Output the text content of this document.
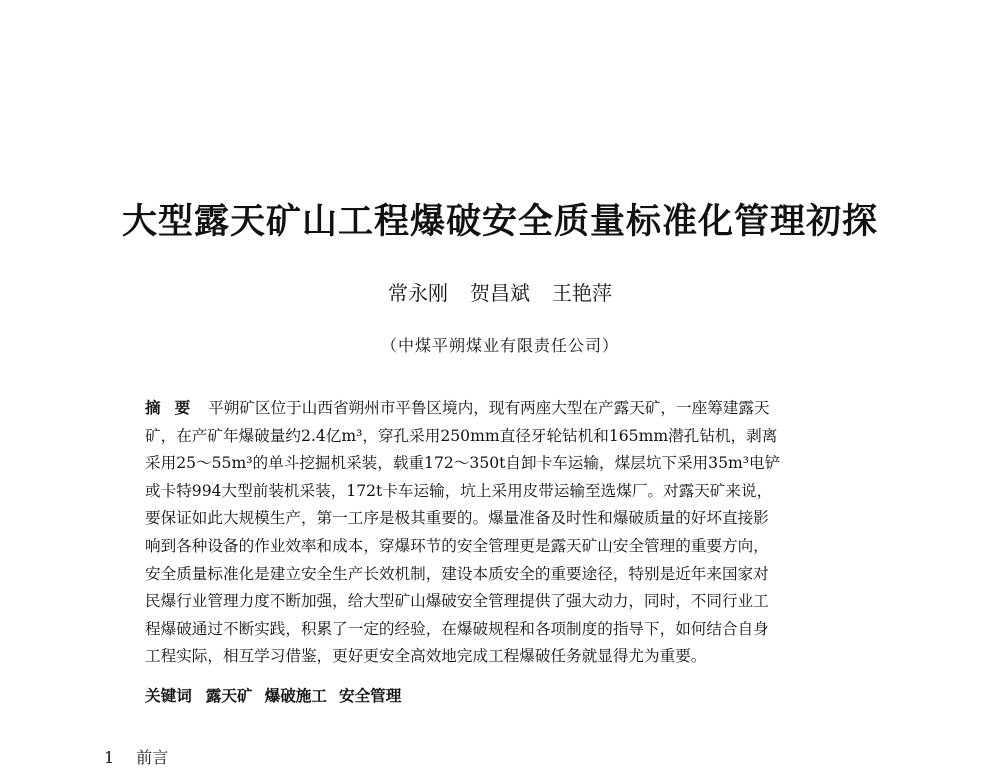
大型露天矿山工程爆破安全质量标准化管理初探
常永刚 贺昌斌 王艳萍
（中煤平朔煤业有限责任公司）
摘要 平朔矿区位于山西省朔州市平鲁区境内，现有两座大型在产露天矿，一座筹建露天
矿，在产矿年爆破量约2.4亿m³，穿孔采用250mm直径牙轮钻机和165mm潜孔钻机，剥离
采用25～55m³的单斗挖掘机采装，载重172～350t自卸卡车运输，煤层坑下采用35m³电铲
或卡特994大型前装机采装，172t卡车运输，坑上采用皮带运输至选煤厂。对露天矿来说，
要保证如此大规模生产，第一工序是极其重要的。爆量准备及时性和爆破质量的好坏直接影
响到各种设备的作业效率和成本，穿爆环节的安全管理更是露天矿山安全管理的重要方向，
安全质量标准化是建立安全生产长效机制，建设本质安全的重要途径，特别是近年来国家对
民爆行业管理力度不断加强，给大型矿山爆破安全管理提供了强大动力，同时，不同行业工
程爆破通过不断实践，积累了一定的经验，在爆破规程和各项制度的指导下，如何结合自身
工程实际，相互学习借鉴，更好更安全高效地完成工程爆破任务就显得尤为重要。
关键词 露天矿 爆破施工 安全管理
1 前言
